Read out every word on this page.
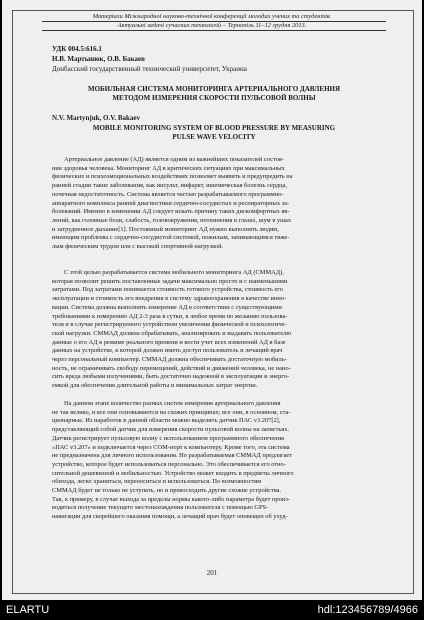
Матеріали Міжнародної науково-технічної конференції молодих учених та студентів.
Актуальні задачі сучасних технологій – Тернопіль 11–12 грудня 2013.
УДК 004.5:616.1
Н.В. Мартынюк, О.В. Бакаев
Донбасский государственный технический университет, Украина
МОБИЛЬНАЯ СИСТЕМА МОНИТОРИНГА АРТЕРИАЛЬНОГО ДАВЛЕНИЯ
МЕТОДОМ ИЗМЕРЕНИЯ СКОРОСТИ ПУЛЬСОВОЙ ВОЛНЫ
N.V. Martynjuk, O.V. Bakaev
MOBILE MONITORING SYSTEM OF BLOOD PRESSURE BY MEASURING
PULSE WAVE VELOCITY
Артериальное давление (АД) является одним из важнейших показателей состоя-
ния здоровья человека. Мониторинг АД в критических ситуациях при максимальных
физических и психоэмоциональных воздействиях позволяет выявить и предупредить на
ранней стадии такие заболевания, как инсульт, инфаркт, ишемическая болезнь сердца,
почечная недостаточность. Система является частью разрабатываемого программно-
аппаратного комплекса ранней диагностики сердечно-сосудистых и респираторных за-
болеваний. Именно в изменении АД следует искать причину таких дискомфортных яв-
лений, как головные боли, слабость, головокружения, потемнения в глазах, шум в ушах
и затрудненное дыхание[1]. Постоянный мониторинг АД нужно выполнять людям,
имеющим проблемы с сердечно-сосудистой системой, пожилым, занимающимся тяже-
лым физическим трудом или с высокой спортивной нагрузкой.
С этой целью разрабатывается система мобильного мониторинга АД (СММАД),
которая позволит решить поставленные задачи максимально просто и с наименьшими
затратами. Под затратами понимается стоимость готового устройства, стоимость его
эксплуатации и стоимость его внедрения в систему здравоохранения в качестве инно-
вации. Система должна выполнять измерение АД в соответствии с существующими
требованиями к измерению АД 2-3 раза в сутки, в любое время по желанию пользова-
теля и в случае регистрируемого устройством увеличения физической и психологиче-
ской нагрузки. СММАД должна обрабатывать, анализировать и выдавать пользователю
данные о его АД в режиме реального времени и вести учет всех изменений АД в базе
данных на устройстве, к которой должен иметь доступ пользователь и лечащий врач
через персональный компьютер. СММАД должна обеспечивать достаточную мобиль-
ность, не ограничивать свободу перемещений, действий и движений человека, не нано-
сить вреда любыми излучениями, быть достаточно надежной в эксплуатации и энерго-
емкой для обеспечения длительной работы и минимальных затрат энергии.
На данном этапе количество разных систем измерения артериального давления
не так велико, и все они основываются на схожих принципах; все они, в основном, ста-
ционарные. Из наработок в данной области можно выделить датчик ПАС v3.207[2],
представляющий собой датчик для измерения скорости пульсовой волны на запястьях.
Датчик регистрирует пульсовую волну с использованием программного обеспечения
«ПАС v3.207» и подключается через COM-порт к компьютеру. Кроме того, эта система
не предназначена для личного использования. Но разрабатываемая СММАД предлагает
устройство, которое будет использоваться персонально. Это обеспечивается его отно-
сительной дешевизной и мобильностью. Устройство может входить в предметы личного
обихода, легко храниться, переноситься и использоваться. По возможностям
СММАД будет не только не уступать, но и превосходить другие схожие устройства.
Так, к примеру, в случае выхода за пределы нормы какого-либо параметра будет произ-
водиться получение текущего местонахождения пользователя с помощью GPS-
навигации для скорейшего оказания помощи, а лечащий врач будет оповещен об ухуд-
201
ELARTU	hdl:123456789/4966
